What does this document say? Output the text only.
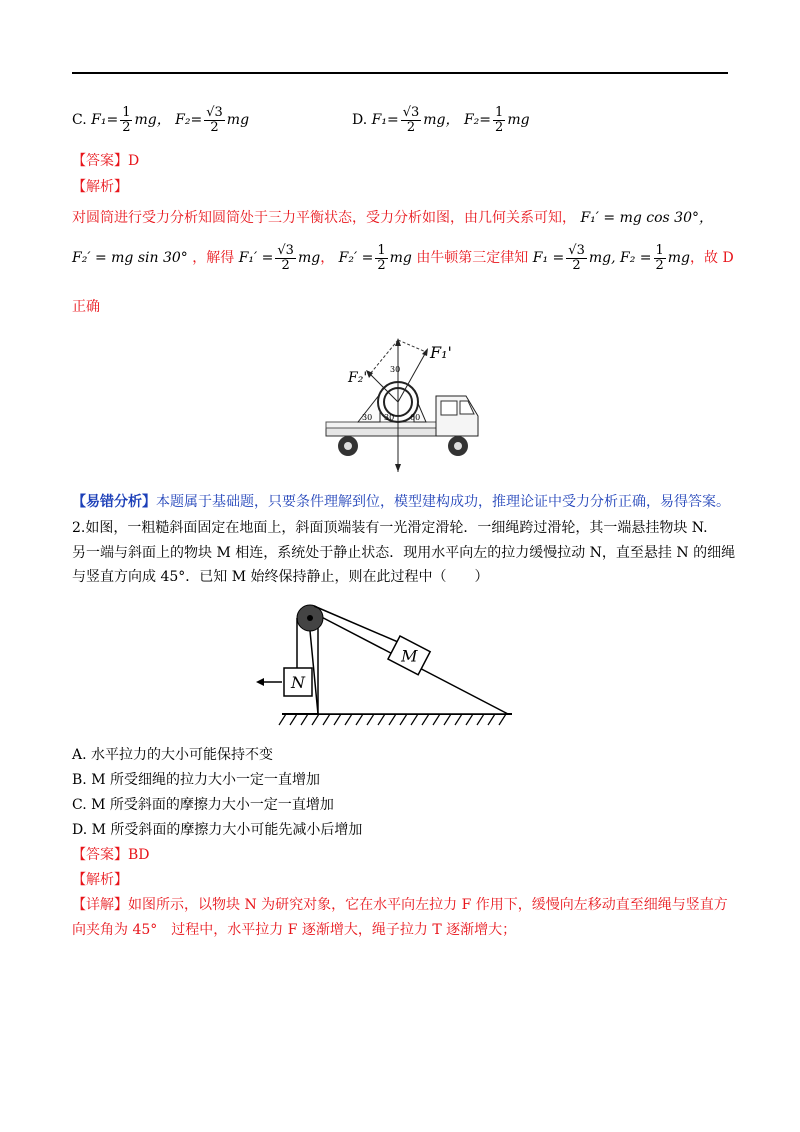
C. $F_1= \frac{1}{2}$ mg， $F_2= \frac{√3}{2}$ mg	D. $F_1= \frac{√3}{2}$ mg， $F_2= \frac{1}{2}$ mg
【答案】D
【解析】
对圆筒进行受力分析知圆筒处于三力平衡状态，受力分析如图，由几何关系可知， F₁′ = mg cos 30°，
F₂′ = mg sin 30° ，解得 $F_1' = \frac{√3}{2}$ mg， $F_2' = \frac{1}{2}$ mg 由牛顿第三定律知 $F_1 = \frac{√3}{2}$ mg, $F_2 = \frac{1}{2}$ mg，故 D
正确
F₁'
F₂'
30
30 60
30
【易错分析】本题属于基础题，只要条件理解到位，模型建构成功，推理论证中受力分析正确，易得答案。
2.如图，一粗糙斜面固定在地面上，斜面顶端装有一光滑定滑轮．一细绳跨过滑轮，其一端悬挂物块 N.
另一端与斜面上的物块 M 相连，系统处于静止状态．现用水平向左的拉力缓慢拉动 N，直至悬挂 N 的细绳
与竖直方向成 45°．已知 M 始终保持静止，则在此过程中（　　）
M
N
A. 水平拉力的大小可能保持不变
B. M 所受细绳的拉力大小一定一直增加
C. M 所受斜面的摩擦力大小一定一直增加
D. M 所受斜面的摩擦力大小可能先减小后增加
【答案】BD
【解析】
【详解】如图所示，以物块 N 为研究对象，它在水平向左拉力 F 作用下，缓慢向左移动直至细绳与竖直方
向夹角为 45°　过程中，水平拉力 F 逐渐增大，绳子拉力 T 逐渐增大；
